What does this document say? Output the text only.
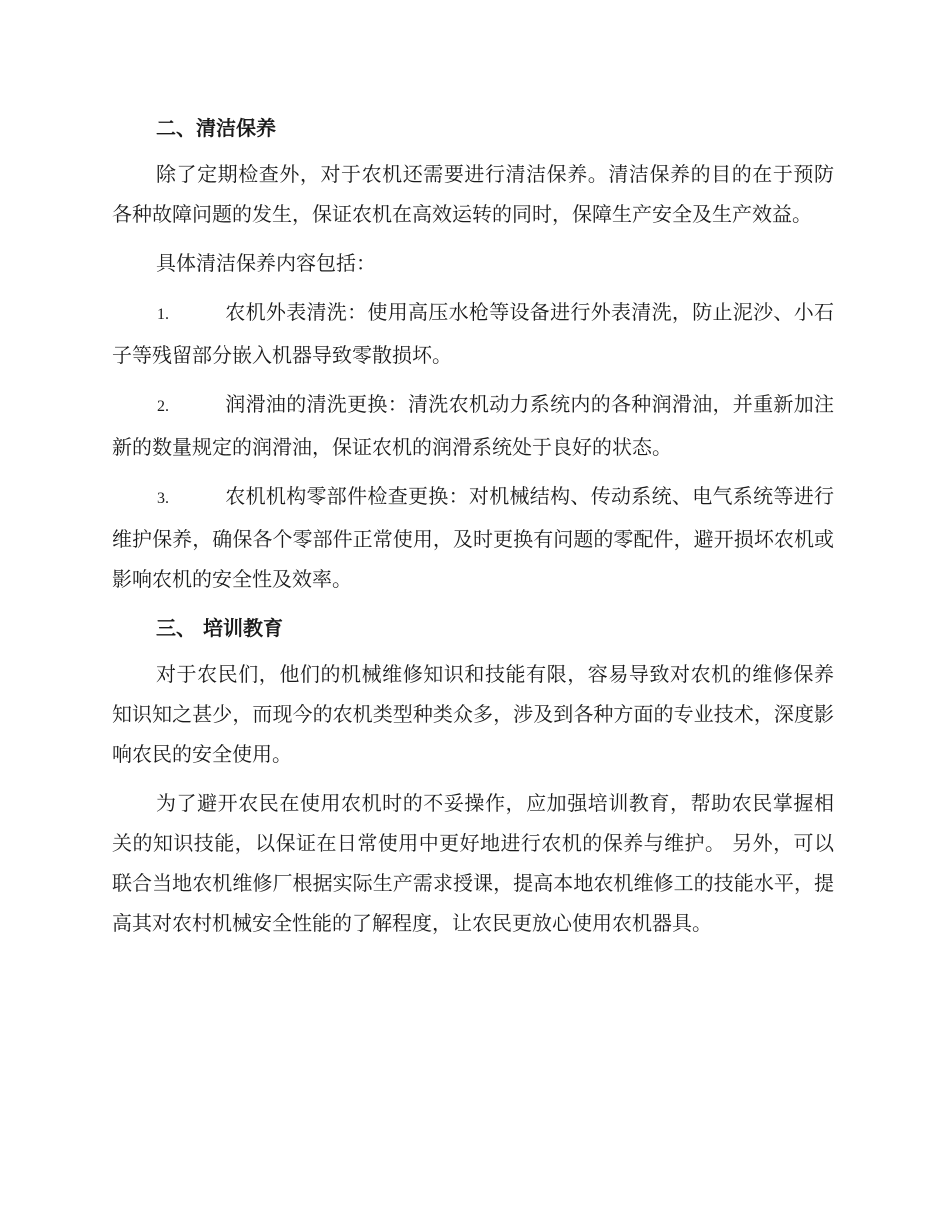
二、清洁保养

除了定期检查外，对于农机还需要进行清洁保养。清洁保养的目的在于预防各种故障问题的发生，保证农机在高效运转的同时，保障生产安全及生产效益。

具体清洁保养内容包括：

1.	农机外表清洗：使用高压水枪等设备进行外表清洗，防止泥沙、小石子等残留部分嵌入机器导致零散损坏。

2.	润滑油的清洗更换：清洗农机动力系统内的各种润滑油，并重新加注新的数量规定的润滑油，保证农机的润滑系统处于良好的状态。

3.	农机机构零部件检查更换：对机械结构、传动系统、电气系统等进行维护保养，确保各个零部件正常使用，及时更换有问题的零配件，避开损坏农机或影响农机的安全性及效率。

三、 培训教育

对于农民们，他们的机械维修知识和技能有限，容易导致对农机的维修保养知识知之甚少，而现今的农机类型种类众多，涉及到各种方面的专业技术，深度影响农民的安全使用。

为了避开农民在使用农机时的不妥操作，应加强培训教育，帮助农民掌握相关的知识技能，以保证在日常使用中更好地进行农机的保养与维护。 另外，可以联合当地农机维修厂根据实际生产需求授课，提高本地农机维修工的技能水平，提高其对农村机械安全性能的了解程度，让农民更放心使用农机器具。
